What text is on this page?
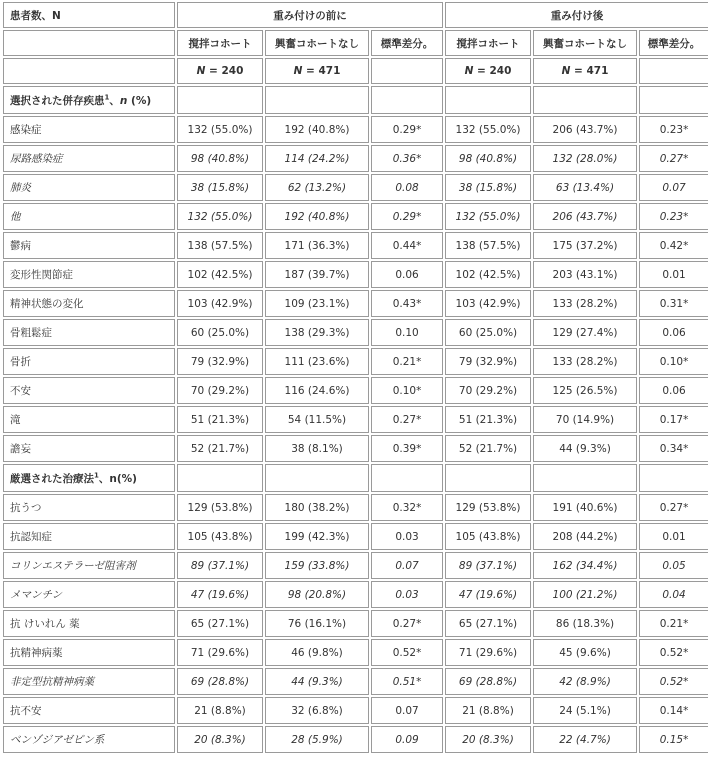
患者数、N	重み付けの前に			重み付け後		
	撹拌コホート	興奮コホートなし	標準差分。	撹拌コホート	興奮コホートなし	標準差分。
	N = 240	N = 471		N = 240	N = 471	
選択された併存疾患$^1$、n (%)						
感染症	132 (55.0%)	192 (40.8%)	0.29*	132 (55.0%)	206 (43.7%)	0.23*
尿路感染症	98 (40.8%)	114 (24.2%)	0.36*	98 (40.8%)	132 (28.0%)	0.27*
肺炎	38 (15.8%)	62 (13.2%)	0.08	38 (15.8%)	63 (13.4%)	0.07
他	132 (55.0%)	192 (40.8%)	0.29*	132 (55.0%)	206 (43.7%)	0.23*
鬱病	138 (57.5%)	171 (36.3%)	0.44*	138 (57.5%)	175 (37.2%)	0.42*
変形性関節症	102 (42.5%)	187 (39.7%)	0.06	102 (42.5%)	203 (43.1%)	0.01
精神状態の変化	103 (42.9%)	109 (23.1%)	0.43*	103 (42.9%)	133 (28.2%)	0.31*
骨粗鬆症	60 (25.0%)	138 (29.3%)	0.10	60 (25.0%)	129 (27.4%)	0.06
骨折	79 (32.9%)	111 (23.6%)	0.21*	79 (32.9%)	133 (28.2%)	0.10*
不安	70 (29.2%)	116 (24.6%)	0.10*	70 (29.2%)	125 (26.5%)	0.06
滝	51 (21.3%)	54 (11.5%)	0.27*	51 (21.3%)	70 (14.9%)	0.17*
譫妄	52 (21.7%)	38 (8.1%)	0.39*	52 (21.7%)	44 (9.3%)	0.34*
厳選された治療法$^1$、n(%)						
抗うつ	129 (53.8%)	180 (38.2%)	0.32*	129 (53.8%)	191 (40.6%)	0.27*
抗認知症	105 (43.8%)	199 (42.3%)	0.03	105 (43.8%)	208 (44.2%)	0.01
コリンエステラーゼ阻害剤	89 (37.1%)	159 (33.8%)	0.07	89 (37.1%)	162 (34.4%)	0.05
メマンチン	47 (19.6%)	98 (20.8%)	0.03	47 (19.6%)	100 (21.2%)	0.04
抗 けいれん 薬	65 (27.1%)	76 (16.1%)	0.27*	65 (27.1%)	86 (18.3%)	0.21*
抗精神病薬	71 (29.6%)	46 (9.8%)	0.52*	71 (29.6%)	45 (9.6%)	0.52*
非定型抗精神病薬	69 (28.8%)	44 (9.3%)	0.51*	69 (28.8%)	42 (8.9%)	0.52*
抗不安	21 (8.8%)	32 (6.8%)	0.07	21 (8.8%)	24 (5.1%)	0.14*
ベンゾジアゼピン系	20 (8.3%)	28 (5.9%)	0.09	20 (8.3%)	22 (4.7%)	0.15*
